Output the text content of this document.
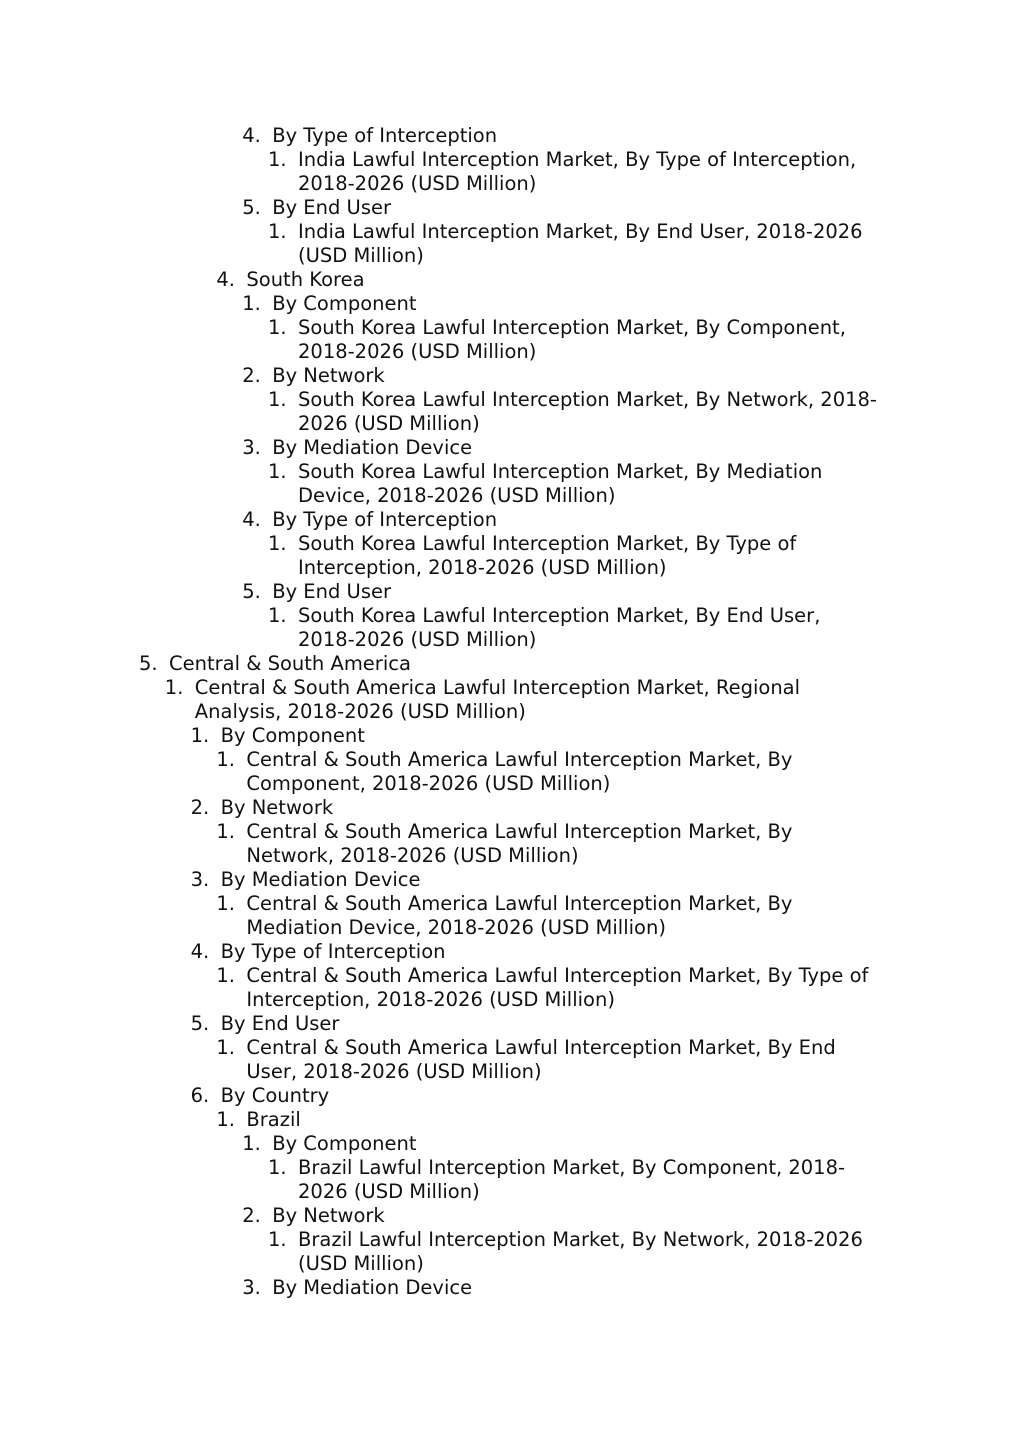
4. By Type of Interception
1. India Lawful Interception Market, By Type of Interception,
2018-2026 (USD Million)
5. By End User
1. India Lawful Interception Market, By End User, 2018-2026
(USD Million)
4. South Korea
1. By Component
1. South Korea Lawful Interception Market, By Component,
2018-2026 (USD Million)
2. By Network
1. South Korea Lawful Interception Market, By Network, 2018-
2026 (USD Million)
3. By Mediation Device
1. South Korea Lawful Interception Market, By Mediation
Device, 2018-2026 (USD Million)
4. By Type of Interception
1. South Korea Lawful Interception Market, By Type of
Interception, 2018-2026 (USD Million)
5. By End User
1. South Korea Lawful Interception Market, By End User,
2018-2026 (USD Million)
5. Central & South America
1. Central & South America Lawful Interception Market, Regional
Analysis, 2018-2026 (USD Million)
1. By Component
1. Central & South America Lawful Interception Market, By
Component, 2018-2026 (USD Million)
2. By Network
1. Central & South America Lawful Interception Market, By
Network, 2018-2026 (USD Million)
3. By Mediation Device
1. Central & South America Lawful Interception Market, By
Mediation Device, 2018-2026 (USD Million)
4. By Type of Interception
1. Central & South America Lawful Interception Market, By Type of
Interception, 2018-2026 (USD Million)
5. By End User
1. Central & South America Lawful Interception Market, By End
User, 2018-2026 (USD Million)
6. By Country
1. Brazil
1. By Component
1. Brazil Lawful Interception Market, By Component, 2018-
2026 (USD Million)
2. By Network
1. Brazil Lawful Interception Market, By Network, 2018-2026
(USD Million)
3. By Mediation Device
